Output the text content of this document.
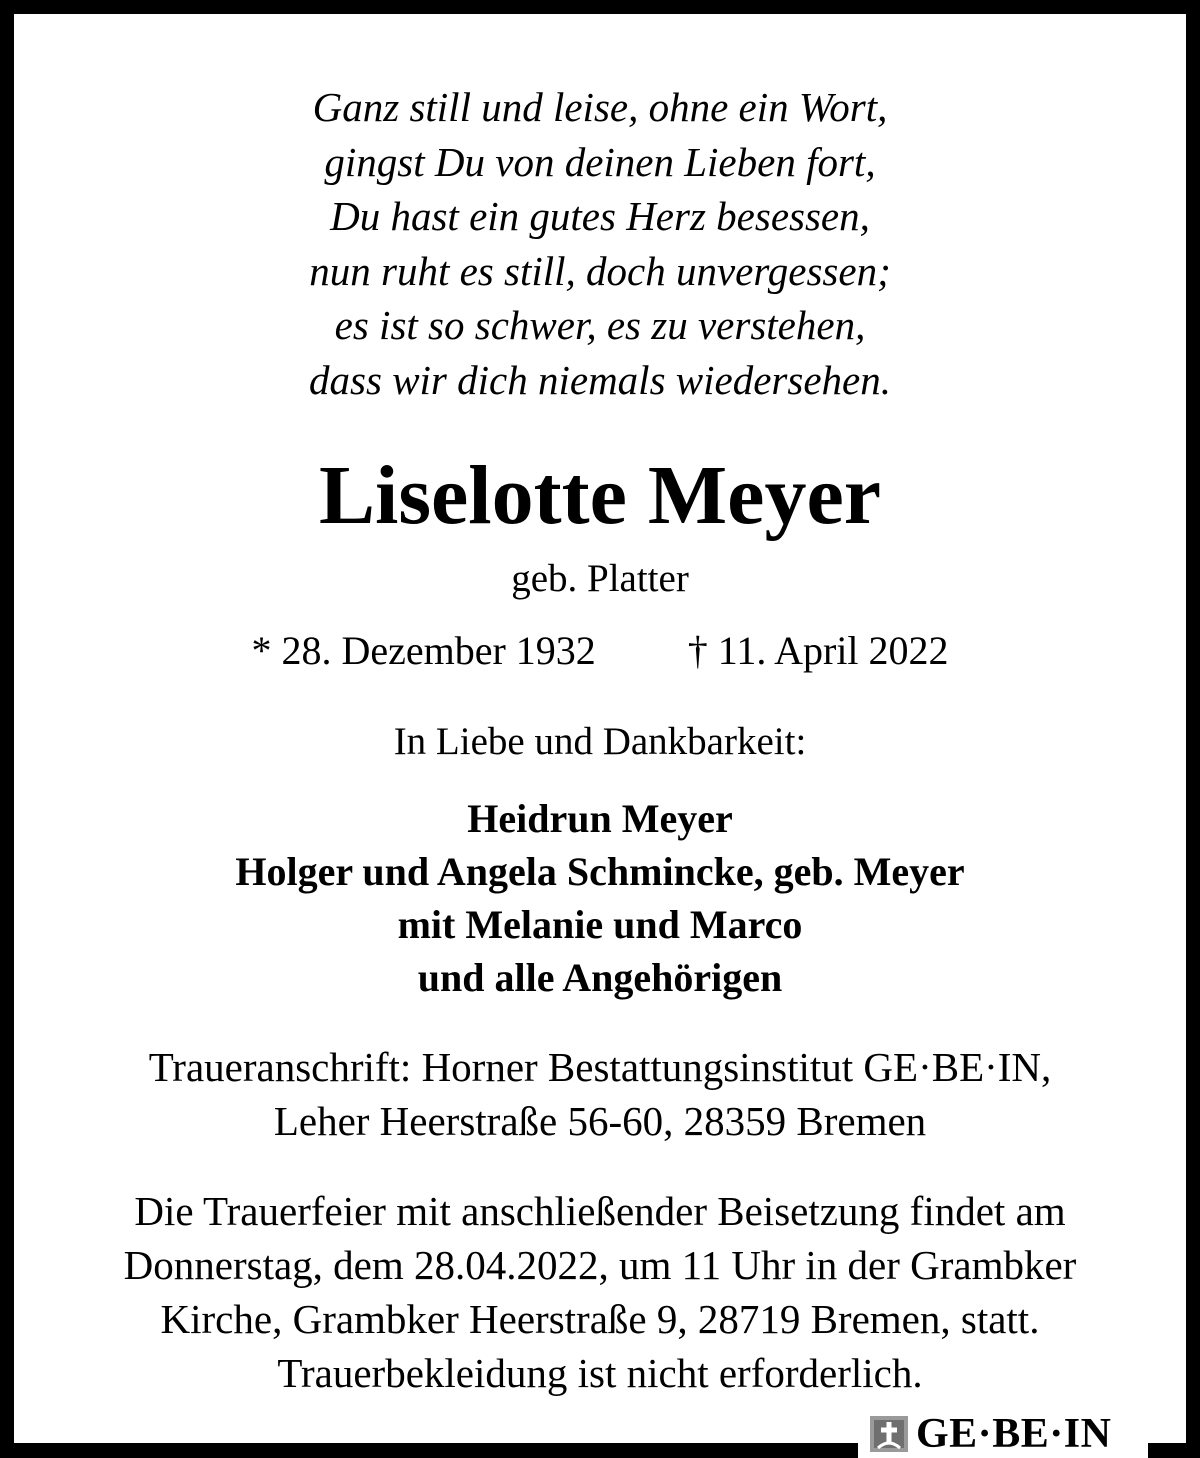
Ganz still und leise, ohne ein Wort,
gingst Du von deinen Lieben fort,
Du hast ein gutes Herz besessen,
nun ruht es still, doch unvergessen;
es ist so schwer, es zu verstehen,
dass wir dich niemals wiedersehen.
Liselotte Meyer
geb. Platter
* 28. Dezember 1932 † 11. April 2022
In Liebe und Dankbarkeit:
Heidrun Meyer
Holger und Angela Schmincke, geb. Meyer
mit Melanie und Marco
und alle Angehörigen
Traueranschrift: Horner Bestattungsinstitut GE·BE·IN,
Leher Heerstraße 56-60, 28359 Bremen
Die Trauerfeier mit anschließender Beisetzung findet am
Donnerstag, dem 28.04.2022, um 11 Uhr in der Grambker
Kirche, Grambker Heerstraße 9, 28719 Bremen, statt.
Trauerbekleidung ist nicht erforderlich.
GE·BE·IN
